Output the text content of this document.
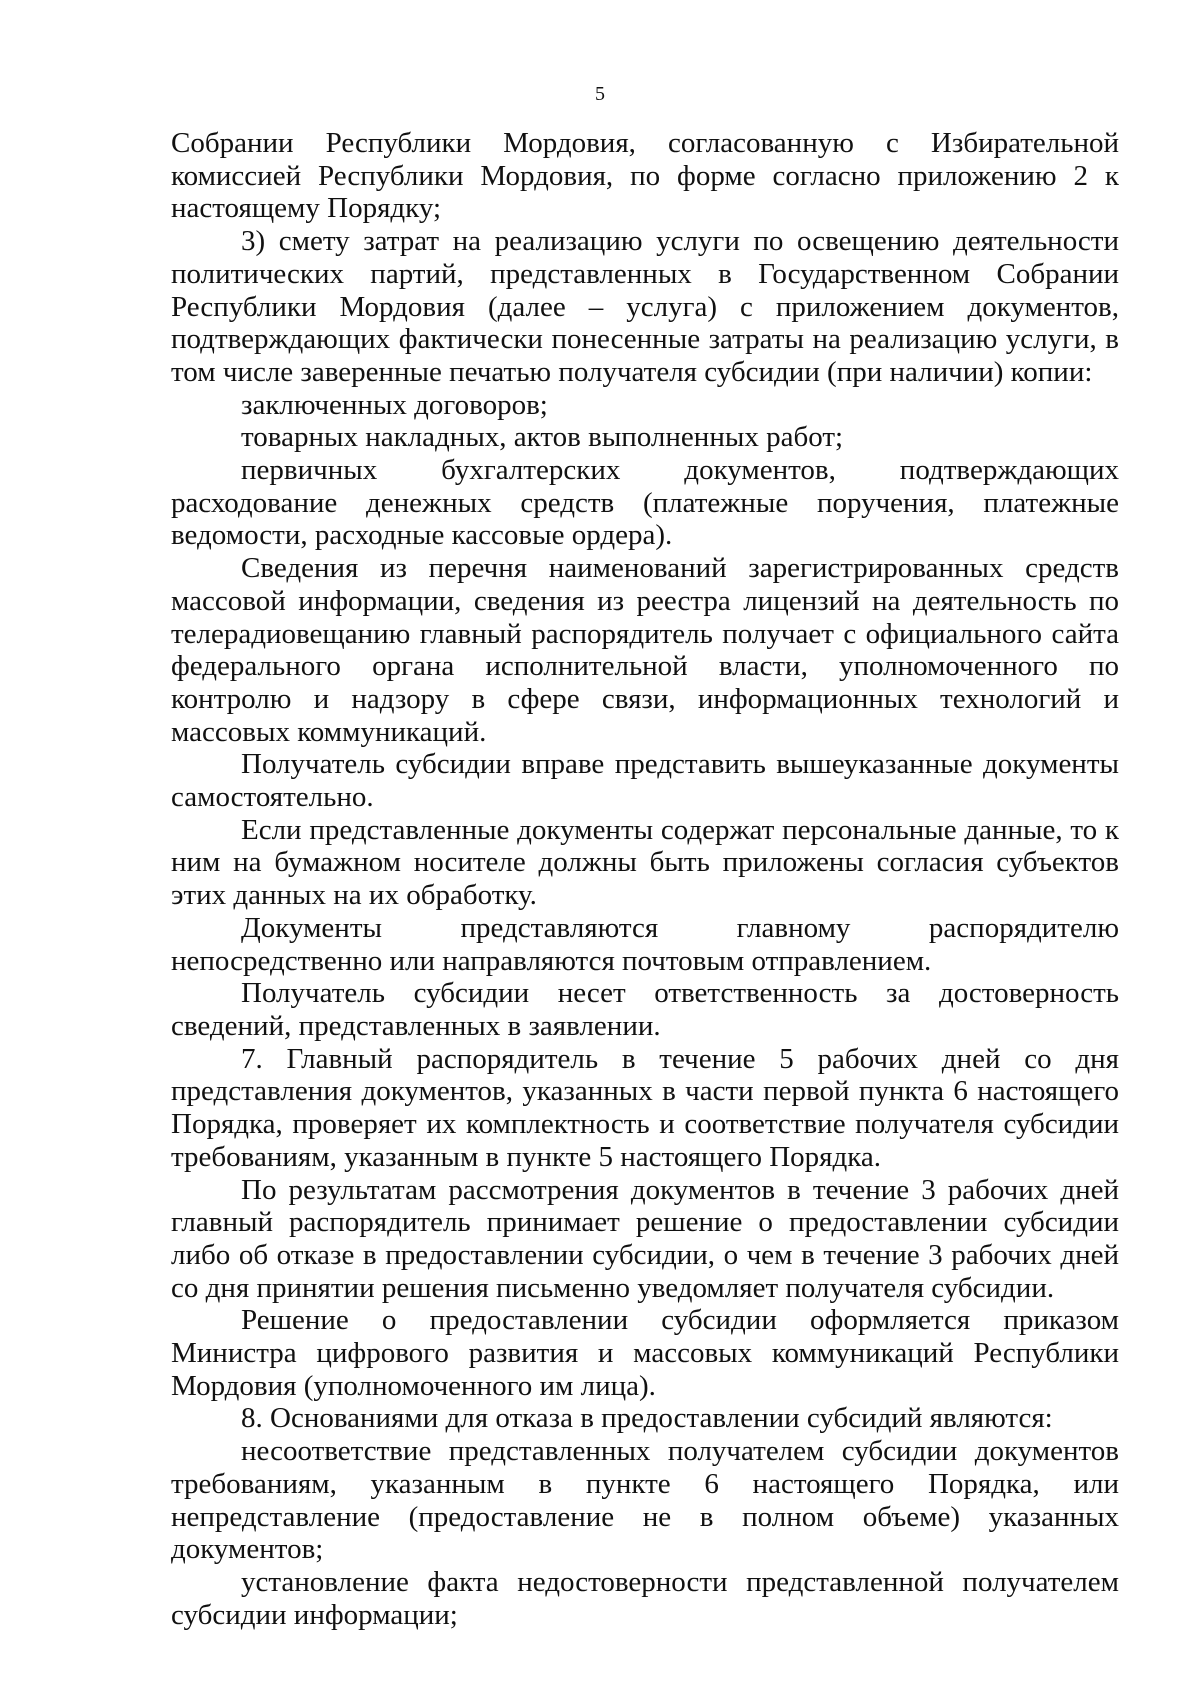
5

Собрании Республики Мордовия, согласованную с Избирательной комиссией Республики Мордовия, по форме согласно приложению 2 к настоящему Порядку;

3) смету затрат на реализацию услуги по освещению деятельности политических партий, представленных в Государственном Собрании Республики Мордовия (далее – услуга) с приложением документов, подтверждающих фактически понесенные затраты на реализацию услуги, в том числе заверенные печатью получателя субсидии (при наличии) копии:

заключенных договоров;

товарных накладных, актов выполненных работ;

первичных бухгалтерских документов, подтверждающих расходование денежных средств (платежные поручения, платежные ведомости, расходные кассовые ордера).

Сведения из перечня наименований зарегистрированных средств массовой информации, сведения из реестра лицензий на деятельность по телерадиовещанию главный распорядитель получает с официального сайта федерального органа исполнительной власти, уполномоченного по контролю и надзору в сфере связи, информационных технологий и массовых коммуникаций.

Получатель субсидии вправе представить вышеуказанные документы самостоятельно.

Если представленные документы содержат персональные данные, то к ним на бумажном носителе должны быть приложены согласия субъектов этих данных на их обработку.

Документы представляются главному распорядителю непосредственно или направляются почтовым отправлением.

Получатель субсидии несет ответственность за достоверность сведений, представленных в заявлении.

7. Главный распорядитель в течение 5 рабочих дней со дня представления документов, указанных в части первой пункта 6 настоящего Порядка, проверяет их комплектность и соответствие получателя субсидии требованиям, указанным в пункте 5 настоящего Порядка.

По результатам рассмотрения документов в течение 3 рабочих дней главный распорядитель принимает решение о предоставлении субсидии либо об отказе в предоставлении субсидии, о чем в течение 3 рабочих дней со дня принятии решения письменно уведомляет получателя субсидии.

Решение о предоставлении субсидии оформляется приказом Министра цифрового развития и массовых коммуникаций Республики Мордовия (уполномоченного им лица).

8. Основаниями для отказа в предоставлении субсидий являются:

несоответствие представленных получателем субсидии документов требованиям, указанным в пункте 6 настоящего Порядка, или непредставление (предоставление не в полном объеме) указанных документов;

установление факта недостоверности представленной получателем субсидии информации;
